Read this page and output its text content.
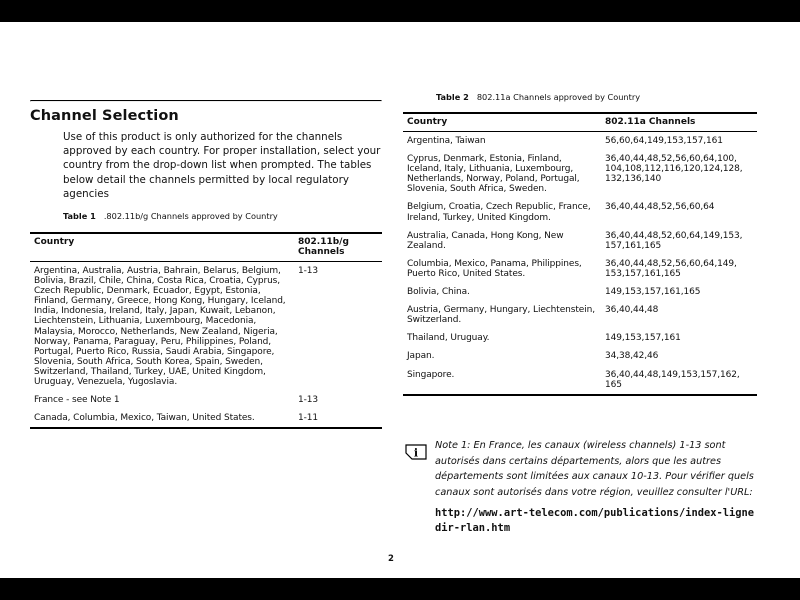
Channel Selection
Use of this product is only authorized for the channels approved by each country. For proper installation, select your country from the drop-down list when prompted. The tables below detail the channels permitted by local regulatory agencies
Table 1 .802.11b/g Channels approved by Country
Country	802.11b/g Channels
Argentina, Australia, Austria, Bahrain, Belarus, Belgium, Bolivia, Brazil, Chile, China, Costa Rica, Croatia, Cyprus, Czech Republic, Denmark, Ecuador, Egypt, Estonia, Finland, Germany, Greece, Hong Kong, Hungary, Iceland, India, Indonesia, Ireland, Italy, Japan, Kuwait, Lebanon, Liechtenstein, Lithuania, Luxembourg, Macedonia, Malaysia, Morocco, Netherlands, New Zealand, Nigeria, Norway, Panama, Paraguay, Peru, Philippines, Poland, Portugal, Puerto Rico, Russia, Saudi Arabia, Singapore, Slovenia, South Africa, South Korea, Spain, Sweden, Switzerland, Thailand, Turkey, UAE, United Kingdom, Uruguay, Venezuela, Yugoslavia.	1-13
France - see Note 1	1-13
Canada, Columbia, Mexico, Taiwan, United States.	1-11
Table 2 802.11a Channels approved by Country
Country	802.11a Channels
Argentina, Taiwan	56,60,64,149,153,157,161
Cyprus, Denmark, Estonia, Finland, Iceland, Italy, Lithuania, Luxembourg, Netherlands, Norway, Poland, Portugal, Slovenia, South Africa, Sweden.	36,40,44,48,52,56,60,64,100, 104,108,112,116,120,124,128, 132,136,140
Belgium, Croatia, Czech Republic, France, Ireland, Turkey, United Kingdom.	36,40,44,48,52,56,60,64
Australia, Canada, Hong Kong, New Zealand.	36,40,44,48,52,60,64,149,153, 157,161,165
Columbia, Mexico, Panama, Philippines, Puerto Rico, United States.	36,40,44,48,52,56,60,64,149, 153,157,161,165
Bolivia, China.	149,153,157,161,165
Austria, Germany, Hungary, Liechtenstein, Switzerland.	36,40,44,48
Thailand, Uruguay.	149,153,157,161
Japan.	34,38,42,46
Singapore.	36,40,44,48,149,153,157,162, 165
i
Note 1: En France, les canaux (wireless channels) 1-13 sont autorisés dans certains départements, alors que les autres départements sont limitées aux canaux 10-13. Pour vérifier quels canaux sont autorisés dans votre région, veuillez consulter l'URL:
http://www.art-telecom.com/publications/index-lignedir-rlan.htm
2
